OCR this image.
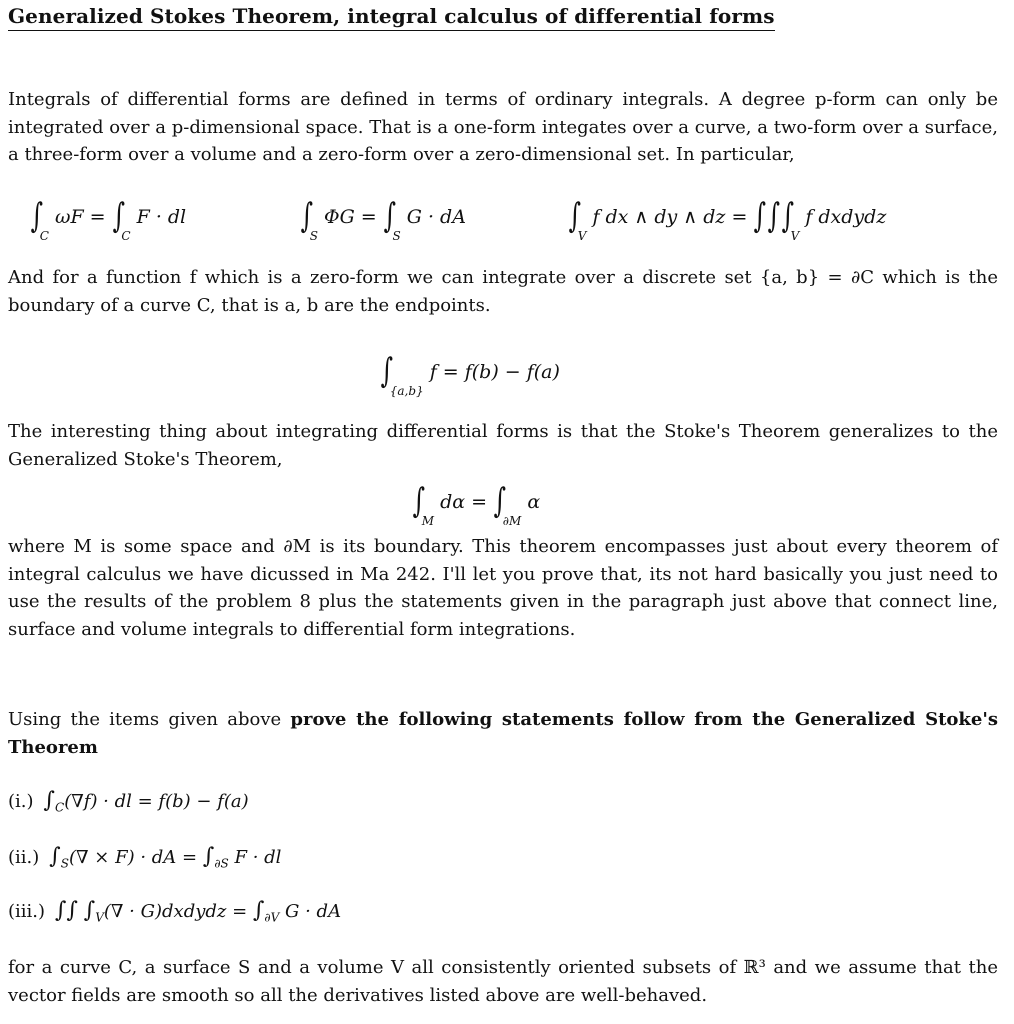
Generalized Stokes Theorem, integral calculus of differential forms
Integrals of differential forms are defined in terms of ordinary integrals. A degree p-form can only be integrated over a p-dimensional space. That is a one-form integates over a curve, a two-form over a surface, a three-form over a volume and a zero-form over a zero-dimensional set. In particular,
$\int_C$ $\omega F = \int_C$ F · dl	$\int_S$ $\Phi G = \int_S$ G · dA	$\int_V$ f dx ∧ dy ∧ dz = $\int\int\int_V$ f dxdydz
And for a function f which is a zero-form we can integrate over a discrete set {a, b} = ∂C which is the boundary of a curve C, that is a, b are the endpoints.
$\int_{\{a,b\}}$ f = f(b) − f(a)
The interesting thing about integrating differential forms is that the Stoke's Theorem generalizes to the Generalized Stoke's Theorem,
$\int_M$ $d\alpha = \int_{\partial M}$ α
where M is some space and ∂M is its boundary. This theorem encompasses just about every theorem of integral calculus we have dicussed in Ma 242. I'll let you prove that, its not hard basically you just need to use the results of the problem 8 plus the statements given in the paragraph just above that connect line, surface and volume integrals to differential form integrations.
Using the items given above prove the following statements follow from the Generalized Stoke's Theorem
(i.) $\int_C(\nabla f)$ · dl = f(b) − f(a)
(ii.) $\int_S(\nabla \times F)$ · dA = $\int_{\partial S}$ F · dl
(iii.) ∫∫ $\int_V(\nabla$ · G)dxdydz = $\int_{\partial V}$ G · dA
for a curve C, a surface S and a volume V all consistently oriented subsets of ℝ³ and we assume that the vector fields are smooth so all the derivatives listed above are well-behaved.
